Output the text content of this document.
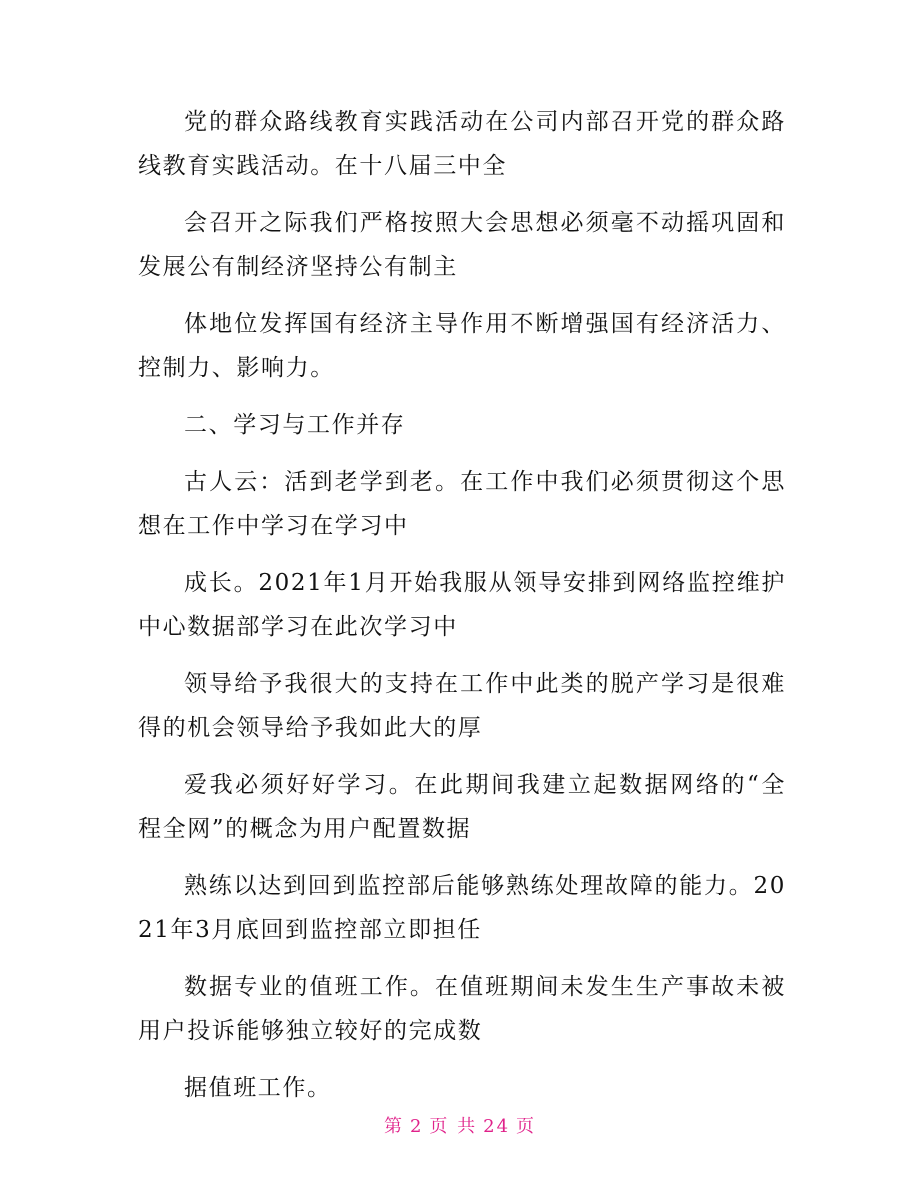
党的群众路线教育实践活动在公司内部召开党的群众路线教育实践活动。在十八届三中全

会召开之际我们严格按照大会思想必须毫不动摇巩固和发展公有制经济坚持公有制主

体地位发挥国有经济主导作用不断增强国有经济活力、控制力、影响力。

二、学习与工作并存

古人云：活到老学到老。在工作中我们必须贯彻这个思想在工作中学习在学习中

成长。2021年1月开始我服从领导安排到网络监控维护中心数据部学习在此次学习中

领导给予我很大的支持在工作中此类的脱产学习是很难得的机会领导给予我如此大的厚

爱我必须好好学习。在此期间我建立起数据网络的“全程全网”的概念为用户配置数据

熟练以达到回到监控部后能够熟练处理故障的能力。2021年3月底回到监控部立即担任

数据专业的值班工作。在值班期间未发生生产事故未被用户投诉能够独立较好的完成数

据值班工作。

第 2 页 共 24 页
